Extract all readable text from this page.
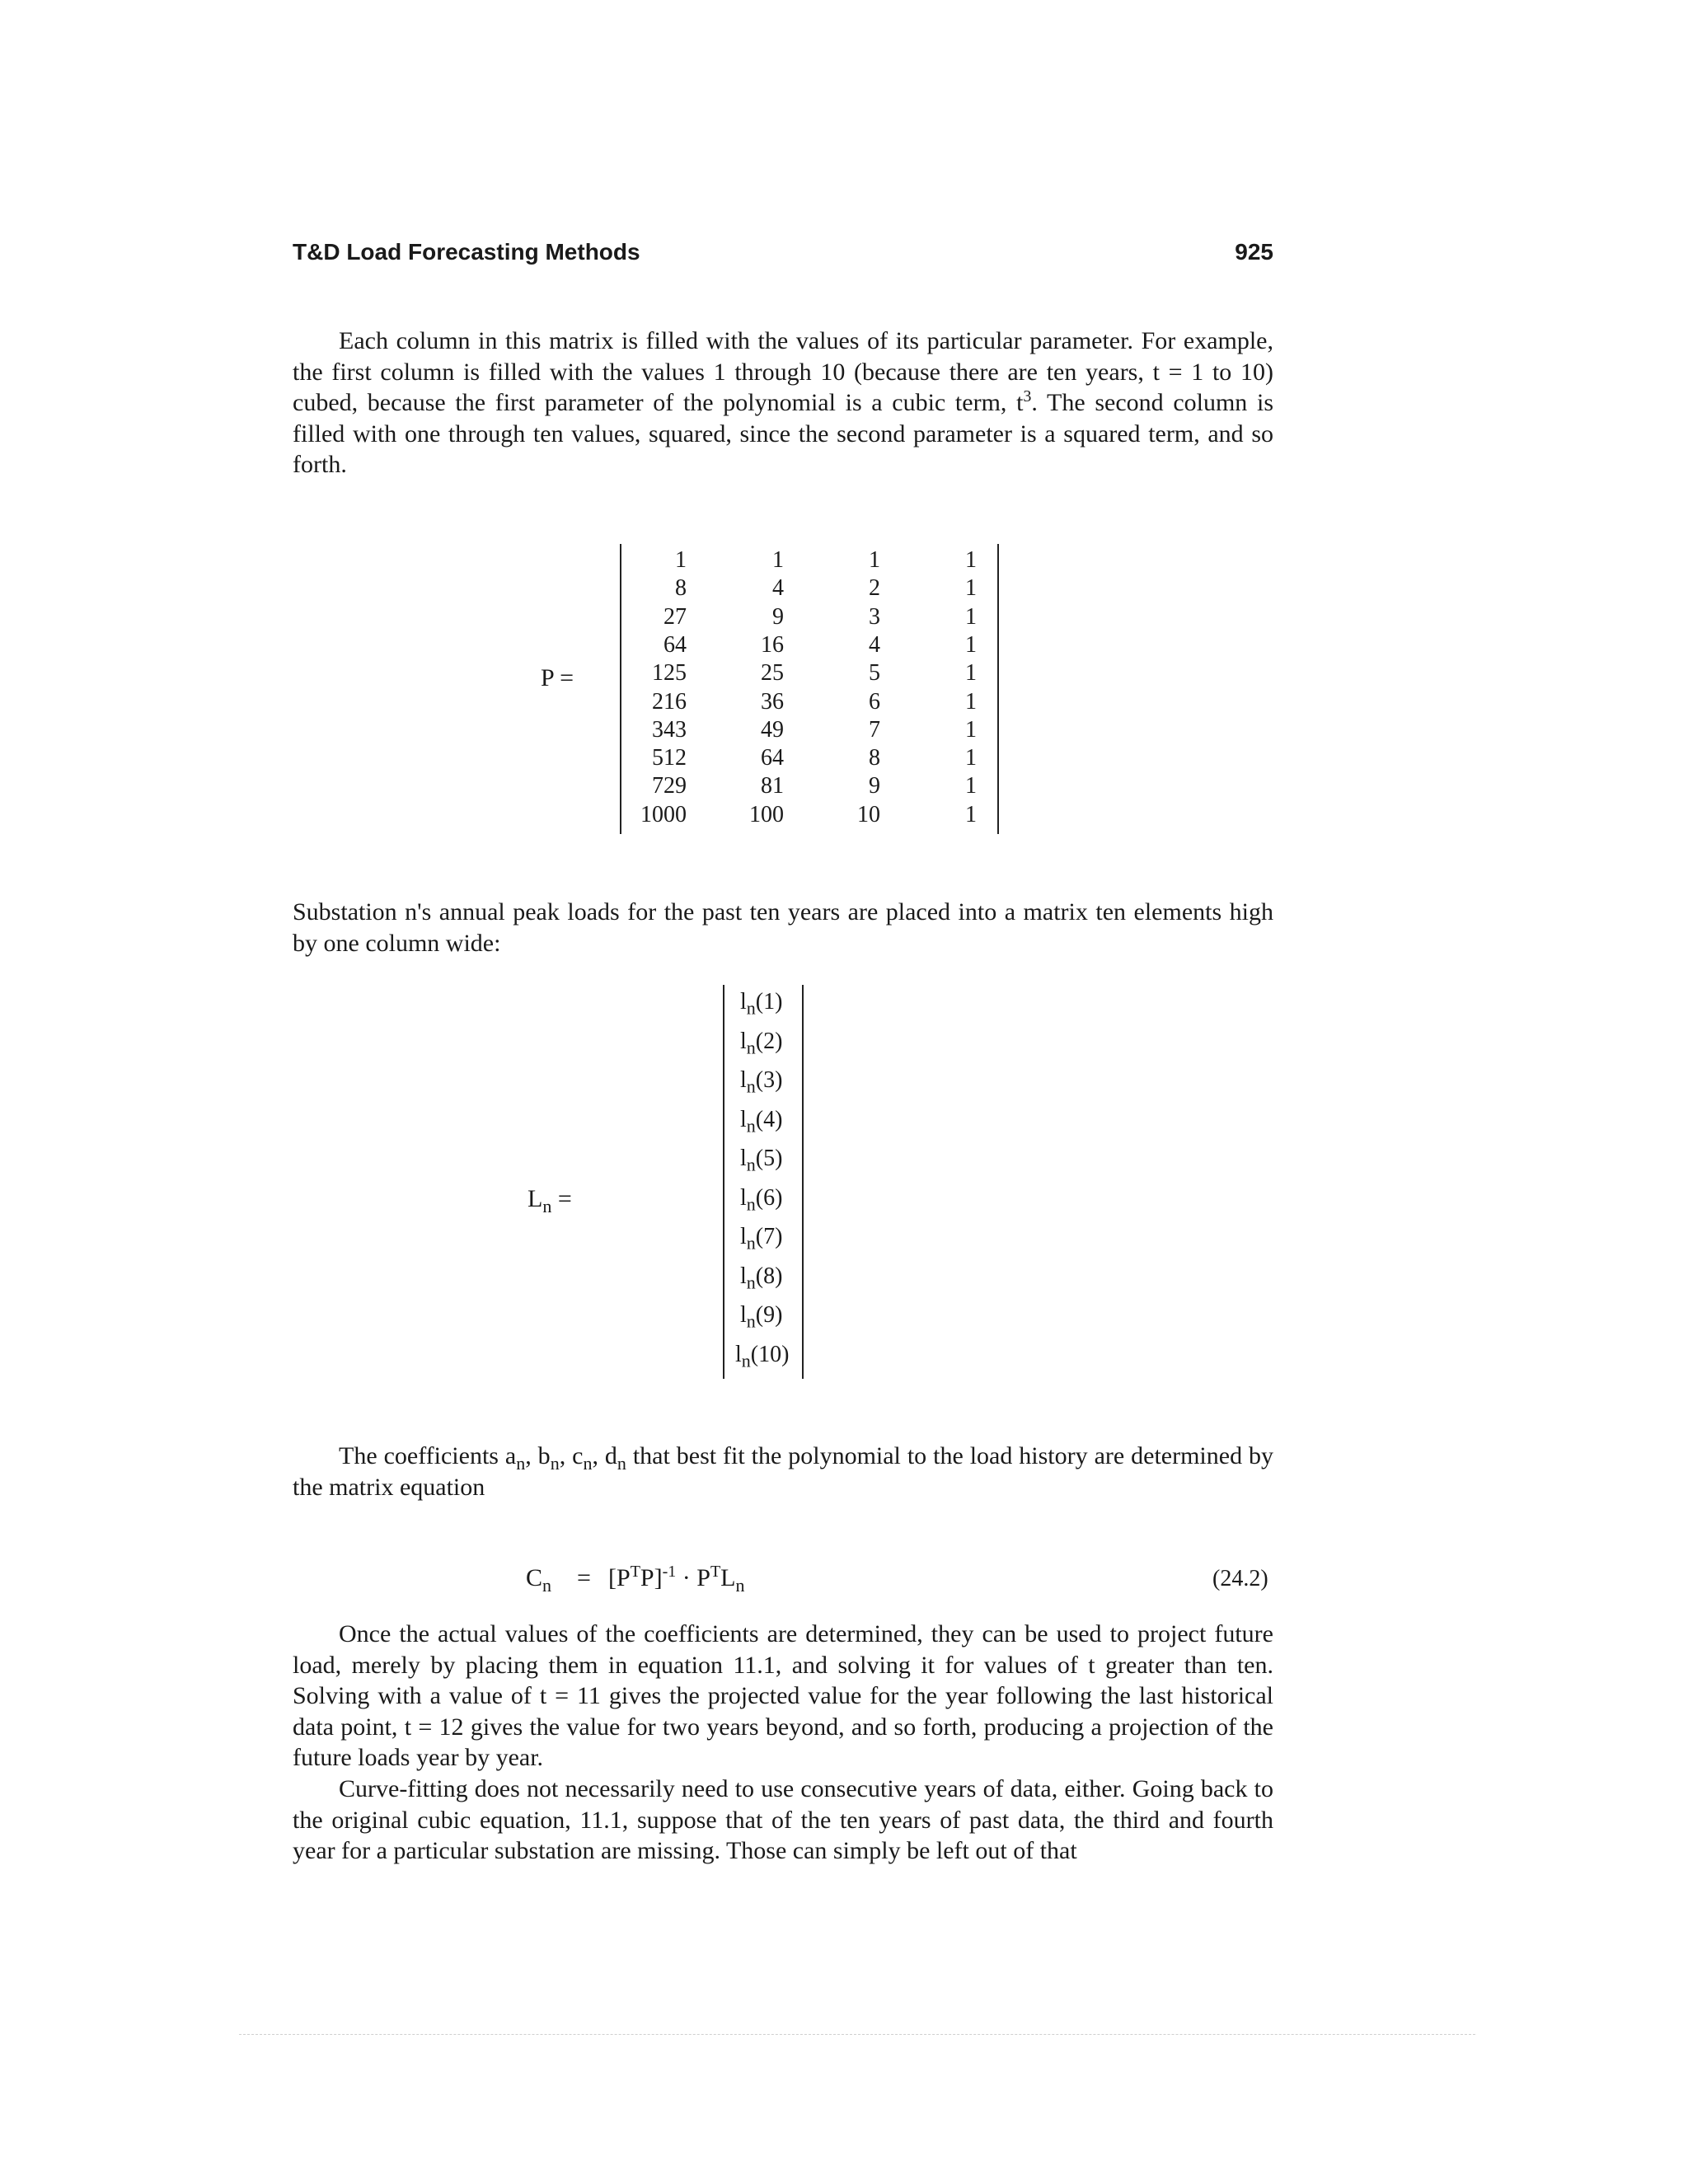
T&D Load Forecasting Methods	925

Each column in this matrix is filled with the values of its particular parameter. For example, the first column is filled with the values 1 through 10 (because there are ten years, t = 1 to 10) cubed, because the first parameter of the polynomial is a cubic term, $t^3$. The second column is filled with one through ten values, squared, since the second parameter is a squared term, and so forth.

P =
1
8
27
64
125
216
343
512
729
1000
1
4
9
16
25
36
49
64
81
100
1
2
3
4
5
6
7
8
9
10
1
1
1
1
1
1
1
1
1
1

Substation n's annual peak loads for the past ten years are placed into a matrix ten elements high by one column wide:

$L_n$ =
$l_n(1)$
$l_n(2)$
$l_n(3)$
$l_n(4)$
$l_n(5)$
$l_n(6)$
$l_n(7)$
$l_n(8)$
$l_n(9)$
$l_n(10)$

The coefficients $a_n$, $b_n$, $c_n$, $d_n$ that best fit the polynomial to the load history are determined by the matrix equation

$C_n = [P^TP]^{-1} \cdot P^TL_n$	(24.2)

Once the actual values of the coefficients are determined, they can be used to project future load, merely by placing them in equation 11.1, and solving it for values of t greater than ten. Solving with a value of t = 11 gives the projected value for the year following the last historical data point, t = 12 gives the value for two years beyond, and so forth, producing a projection of the future loads year by year.

Curve-fitting does not necessarily need to use consecutive years of data, either. Going back to the original cubic equation, 11.1, suppose that of the ten years of past data, the third and fourth year for a particular substation are missing. Those can simply be left out of that
